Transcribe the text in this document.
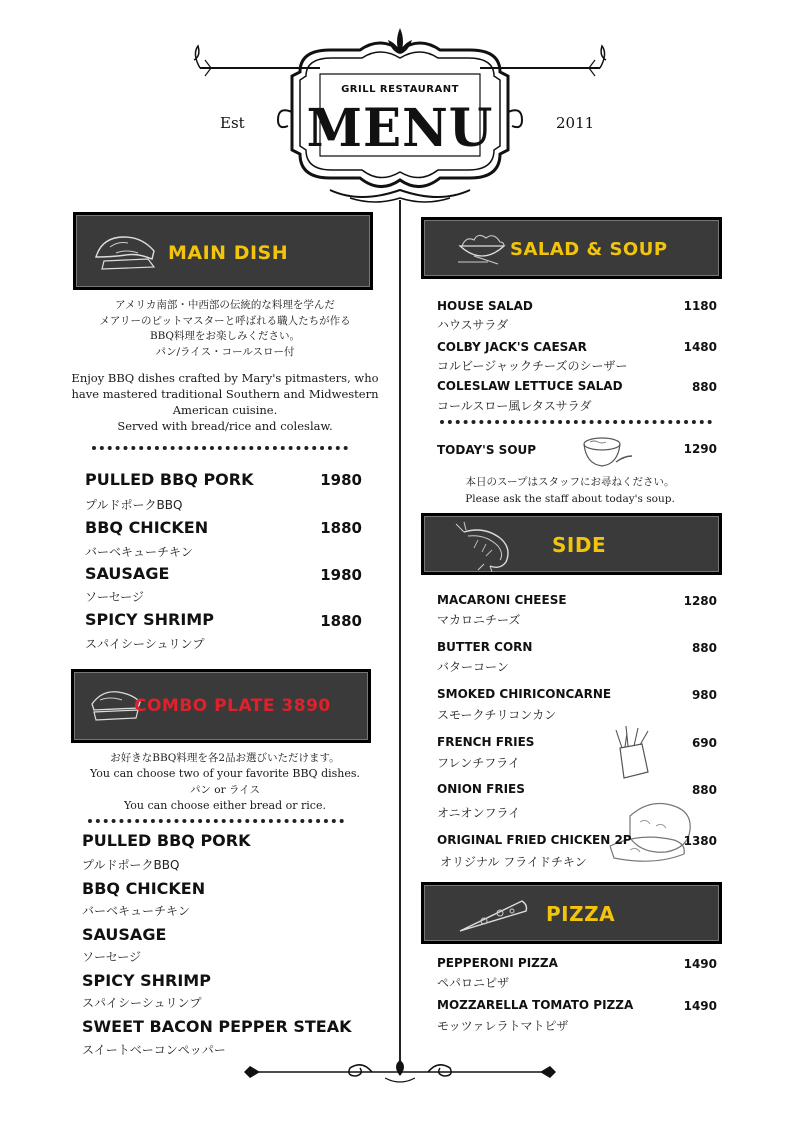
Est	2011
GRILL RESTAURANT
MENU
MAIN DISH
アメリカ南部・中西部の伝統的な料理を学んだ
メアリーのピットマスターと呼ばれる職人たちが作る
BBQ料理をお楽しみください。
パン/ライス・コールスロー付
Enjoy BBQ dishes crafted by Mary's pitmasters, who
have mastered traditional Southern and Midwestern
American cuisine.
Served with bread/rice and coleslaw.
PULLED BBQ PORK	1980
プルドポークBBQ
BBQ CHICKEN	1880
バーベキューチキン
SAUSAGE	1980
ソーセージ
SPICY SHRIMP	1880
スパイシーシュリンプ
COMBO PLATE 3890
お好きなBBQ料理を各2品お選びいただけます。
You can choose two of your favorite BBQ dishes.
パン or ライス
You can choose either bread or rice.
PULLED BBQ PORK
プルドポークBBQ
BBQ CHICKEN
バーベキューチキン
SAUSAGE
ソーセージ
SPICY SHRIMP
スパイシーシュリンプ
SWEET BACON PEPPER STEAK
スイートベーコンペッパー
SALAD & SOUP
HOUSE SALAD	1180
ハウスサラダ
COLBY JACK'S CAESAR	1480
コルビージャックチーズのシーザー
COLESLAW LETTUCE SALAD	880
コールスロー風レタスサラダ
TODAY'S SOUP	1290
本日のスープはスタッフにお尋ねください。
Please ask the staff about today's soup.
SIDE
MACARONI CHEESE	1280
マカロニチーズ
BUTTER CORN	880
バターコーン
SMOKED CHIRICONCARNE	980
スモークチリコンカン
FRENCH FRIES	690
フレンチフライ
ONION FRIES	880
オニオンフライ
ORIGINAL FRIED CHICKEN 2P	1380
オリジナル フライドチキン
PIZZA
PEPPERONI PIZZA	1490
ペパロニピザ
MOZZARELLA TOMATO PIZZA	1490
モッツァレラトマトピザ
